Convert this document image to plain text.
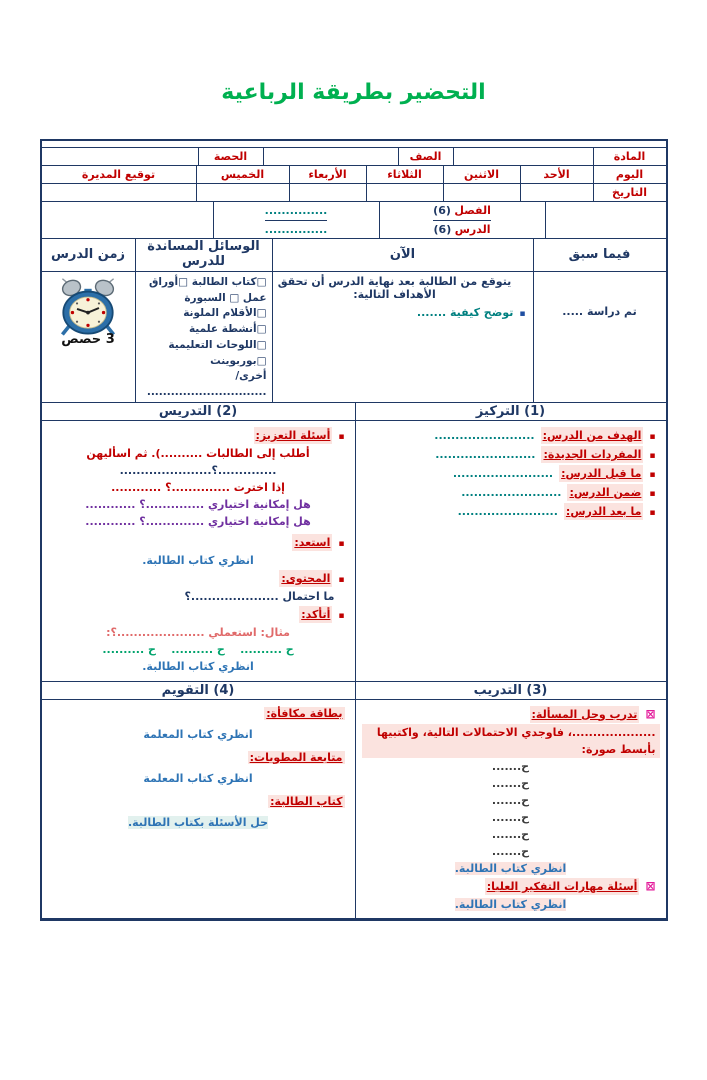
التحضير بطريقة الرباعية
المادة
الصف
الحصة
اليوم
الأحد
الاثنين
الثلاثاء
الأربعاء
الخميس
توقيع المديرة
التاريخ
الفصل

(6)
الدرس

(6)
...............
...............
فيما سبق
الآن
الوسائل المساندة للدرس
زمن الدرس
تم دراسة .....
يتوقع من الطالبة بعد نهاية الدرس أن تحقق الأهداف التالية:
▪
توضح كيفية .......
□كتاب الطالبة □أوراق عمل □ السبورة □الأقلام الملونة □أنشطة علمية □اللوحات التعليمية
□بوربوينت
أخرى/ ..............................
3 حصص
(1) التركيز
▪
الهدف من الدرس:
........................
▪
المفردات الجديدة:
........................
▪
ما قبل الدرس:
........................
▪
ضمن الدرس:
........................
▪
ما بعد الدرس:
........................
(2) التدريس
▪
أسئلة التعزيز:
أطلب إلى الطالبات ..........). ثم اسأليهن
..............؟......................
إذا اخترت ..............؟ ............
هل إمكانية اختياري ..............؟ ............
هل إمكانية اختياري ..............؟ ............
▪
استعد:
انظري كتاب الطالبة.
▪
المحتوى:
ما احتمال .....................؟
▪
أتأكد:
مثال: استعملي .....................؟:
ح ..........    ح ..........    ح ..........
انظري كتاب الطالبة.
(3) التدريب
⊠
تدرب وحل المسألة:
....................، فاوجدي الاحتمالات التالية، واكتبيها بأبسط صورة:
ح.......
ح.......
ح.......
ح.......
ح.......
ح.......
انظري كتاب الطالبة.
⊠
أسئلة مهارات التفكير العليا:
انظري كتاب الطالبة.
(4) التقويم
بطاقة مكافأة:
انظري كتاب المعلمة
متابعة المطويات:
انظري كتاب المعلمة
كتاب الطالبة:
حل الأسئلة بكتاب الطالبة.
